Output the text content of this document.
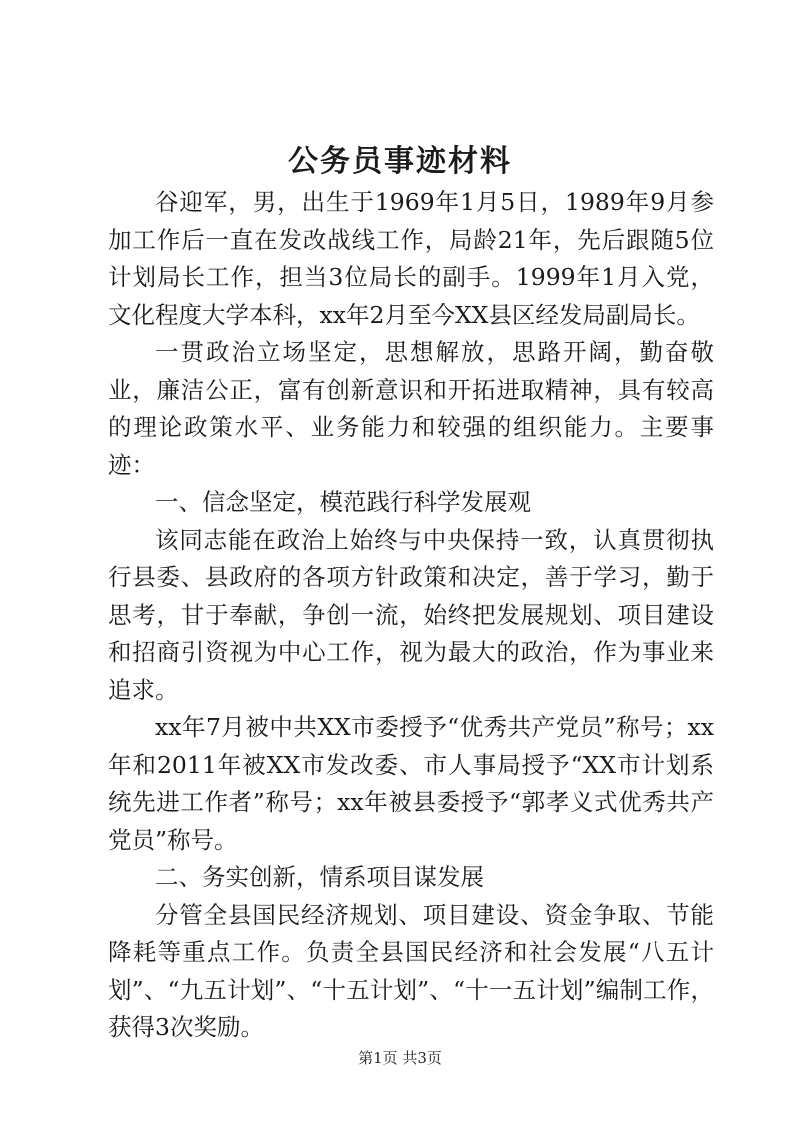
公务员事迹材料

谷迎军，男，出生于1969年1月5日，1989年9月参加工作后一直在发改战线工作，局龄21年，先后跟随5位计划局长工作，担当3位局长的副手。1999年1月入党，文化程度大学本科，xx年2月至今XX县区经发局副局长。

一贯政治立场坚定，思想解放，思路开阔，勤奋敬业，廉洁公正，富有创新意识和开拓进取精神，具有较高的理论政策水平、业务能力和较强的组织能力。主要事迹：

一、信念坚定，模范践行科学发展观

该同志能在政治上始终与中央保持一致，认真贯彻执行县委、县政府的各项方针政策和决定，善于学习，勤于思考，甘于奉献，争创一流，始终把发展规划、项目建设和招商引资视为中心工作，视为最大的政治，作为事业来追求。

xx年7月被中共XX市委授予“优秀共产党员”称号；xx年和2011年被XX市发改委、市人事局授予“XX市计划系统先进工作者”称号；xx年被县委授予“郭孝义式优秀共产党员”称号。

二、务实创新，情系项目谋发展

分管全县国民经济规划、项目建设、资金争取、节能降耗等重点工作。负责全县国民经济和社会发展“八五计划”、“九五计划”、“十五计划”、“十一五计划”编制工作，获得3次奖励。

第1页 共3页
